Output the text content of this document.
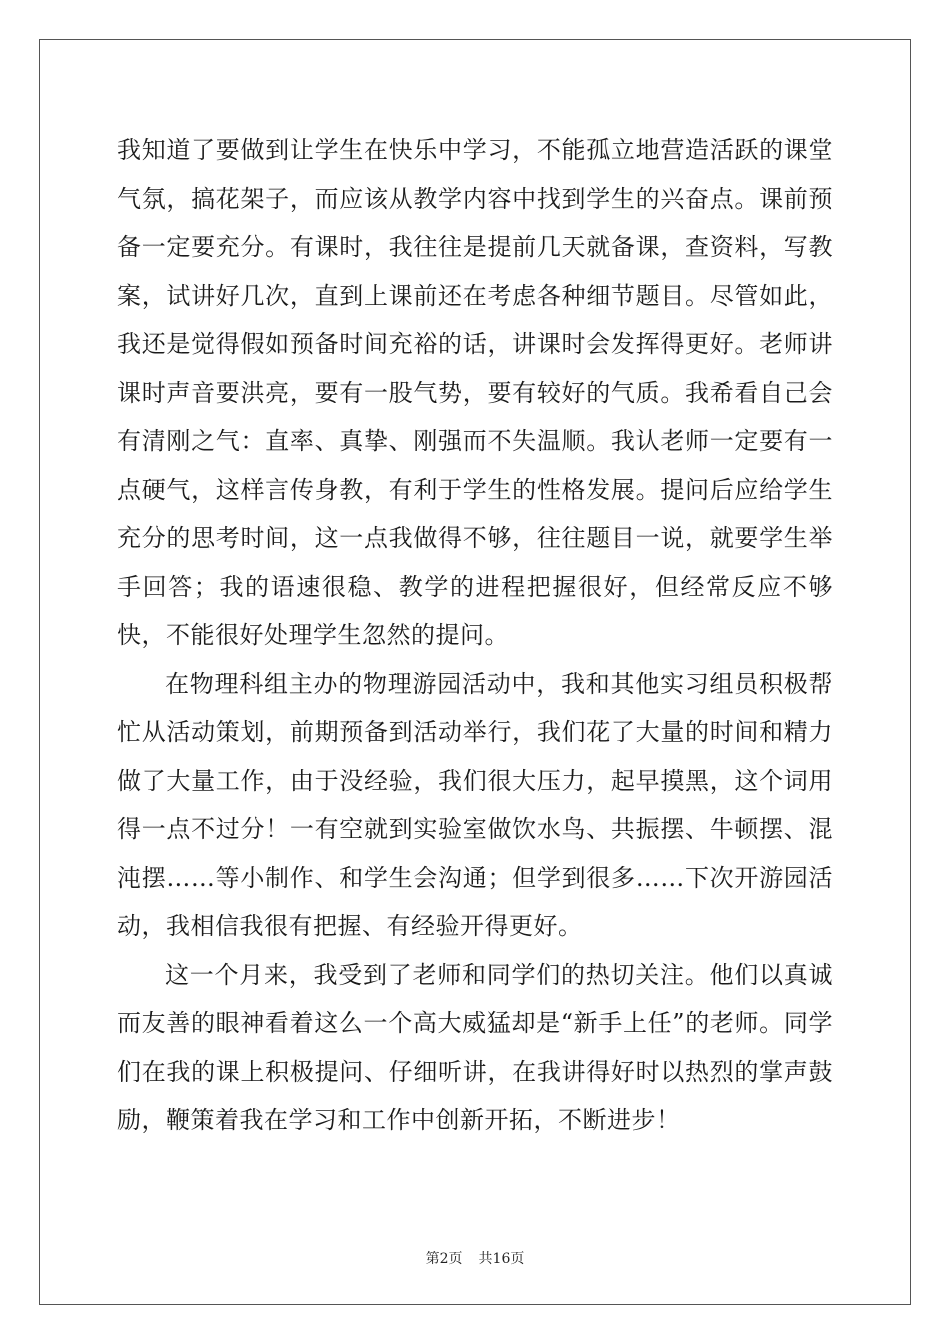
我知道了要做到让学生在快乐中学习，不能孤立地营造活跃的课堂气氛，搞花架子，而应该从教学内容中找到学生的兴奋点。课前预备一定要充分。有课时，我往往是提前几天就备课，查资料，写教案，试讲好几次，直到上课前还在考虑各种细节题目。尽管如此，我还是觉得假如预备时间充裕的话，讲课时会发挥得更好。老师讲课时声音要洪亮，要有一股气势，要有较好的气质。我希看自己会有清刚之气：直率、真挚、刚强而不失温顺。我认老师一定要有一点硬气，这样言传身教，有利于学生的性格发展。提问后应给学生充分的思考时间，这一点我做得不够，往往题目一说，就要学生举手回答；我的语速很稳、教学的进程把握很好，但经常反应不够快，不能很好处理学生忽然的提问。

在物理科组主办的物理游园活动中，我和其他实习组员积极帮忙从活动策划，前期预备到活动举行，我们花了大量的时间和精力做了大量工作，由于没经验，我们很大压力，起早摸黑，这个词用得一点不过分！一有空就到实验室做饮水鸟、共振摆、牛顿摆、混沌摆……等小制作、和学生会沟通；但学到很多……下次开游园活动，我相信我很有把握、有经验开得更好。

这一个月来，我受到了老师和同学们的热切关注。他们以真诚而友善的眼神看着这么一个高大威猛却是“新手上任”的老师。同学们在我的课上积极提问、仔细听讲，在我讲得好时以热烈的掌声鼓励，鞭策着我在学习和工作中创新开拓，不断进步！

第2页 共16页
